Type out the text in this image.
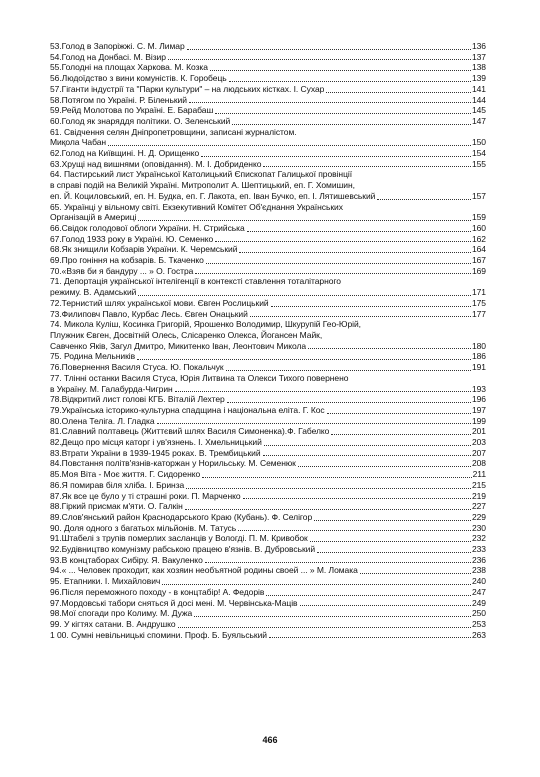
53.Голод в Запоріжжі. С. М. Лимар	136
54.Голод на Донбасі. М. Візир	137
55.Голодні на площах Харкова. М. Козка	138
56.Людоїдство з вини комуністів. К. Горобець	139
57.Гіганти індустрії та "Парки культури" – на людських кістках. І. Сухар	141
58.Потягом по Україні. Р. Біленький	144
59.Рейд Молотова по Україні. Е. Барабаш	145
60.Голод як знаряддя політики. О. Зеленський	147
61. Свідчення селян Дніпропетровщини, записані журналістом.
Миқола Чабан	150
62.Голод на Київщині. Н. Д. Орищенко	154
63.Хрущі над вишнями (оповідання). М. І. Добриденко	155
64. Пастирський лист Української Католицький Єпископат Галицької провінції
в справі подій на Великій Україні. Митрополит А. Шептицький, еп. Г. Хомишин,
еп. Й. Коциловський, еп. Н. Будка, еп. Г. Лакота, еп. Іван Бучко, еп. І. Лятишевський	157
65. Українці у вільному світі. Екзекутивний Комітет Об'єднання Українських
Організацій в Америці	159
66.Свідок голодової облоги України. Н. Стрийська	160
67.Голод 1933 року в Україні. Ю. Семенко	162
68.Як знищили Кобзарів України. К. Черемський	164
69.Про гоніння на кобзарів. Б. Ткаченко	167
70.«Взяв би я бандуру ... » О. Гостра	169
71. Депортація української інтелігенції в контексті ставлення тоталітарного
режиму. В. Адамський	171
72.Тернистий шлях української мови. Євген Рослицький	175
73.Филиповч Павло, Курбас Лесь. Євген Онацький	177
74. Микола Куліш, Косинка Григорій, Ярошенко Володимир, Шкурупій Гео-Юрій,
Плужник Євген, Досвітній Олесь, Слісаренко Олекса, Йогансен Майк,
Савченко Яків, Загул Дмитро, Микитенко Іван, Леонтович Микола	180
75. Родина Мельників	186
76.Повернення Василя Стуса. Ю. Покальчук	191
77. Тлінні останки Василя Стуса, Юрія Литвина та Олекси Тихого повернено
в Україну. М. Галабурда-Чигрин	193
78.Відкритий лист голові КГБ. Віталій Лехтер	196
79.Українська історико-культурна спадщина і національна еліта. Г. Кос	197
80.Олена Теліга. Л. Гладка	199
81.Славний полтавець (Життєвий шлях Василя Симоненка).Ф. Габелко	201
82.Дещо про місця каторг і ув'язнень. І. Хмельницький	203
83.Втрати України в 1939-1945 роках. В. Трембицький	207
84.Повстання політв'язнів-каторжан у Норильську. М. Семенюк	208
85.Моя Віта - Моє життя. Г. Сидоренко	211
86.Я помирав біля хліба. І. Бринза	215
87.Як все це було у ті страшні роки. П. Марченко	219
88.Гіркий присмак м'яти. О. Галкін	227
89.Слов'янський район Краснодарського Краю (Кубань). Ф. Селігор	229
90. Доля одного з багатьох мільйонів. М. Татусь	230
91.Штабелі з трупів померлих засланців у Вологді. П. М. Кривобок	232
92.Будівництво комунізму рабською працею в'язнів. В. Дубровський	233
93.В концтаборах Сибіру. Я. Вакуленко	236
94.« ... Человек проходит, как хозяин необъятной родины своей ... » М. Ломака	238
95. Етапники. І. Михайлович	240
96.Після переможного походу - в концтабір! А. Федорів	247
97.Мордовські табори сняться й досі мені. М. Червінська-Маців	249
98.Мої спогади про Колиму. М. Дужа	250
99. У кігтях сатани. В. Андрушко	253
1 00. Сумні невільницькі спомини. Проф. Б. Буяльський	263
466
